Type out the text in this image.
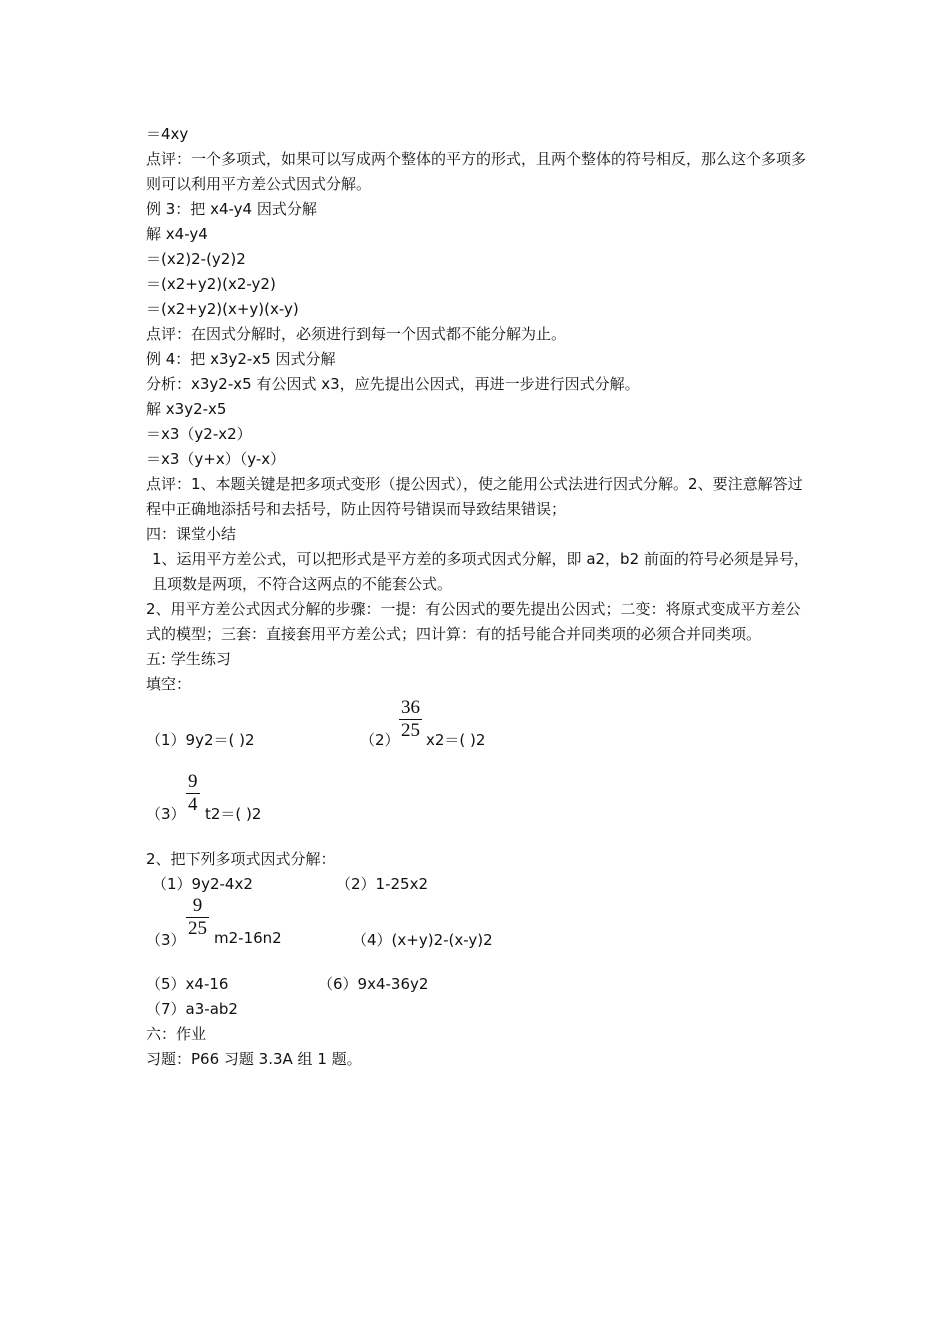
＝4xy
点评：一个多项式，如果可以写成两个整体的平方的形式，且两个整体的符号相反，那么这个多项多则可以利用平方差公式因式分解。
例 3：把 x4-y4 因式分解
解 x4-y4
＝(x2)2-(y2)2
＝(x2+y2)(x2-y2)
＝(x2+y2)(x+y)(x-y)
点评：在因式分解时，必须进行到每一个因式都不能分解为止。
例 4：把 x3y2-x5 因式分解
分析：x3y2-x5 有公因式 x3，应先提出公因式，再进一步进行因式分解。
解 x3y2-x5
＝x3（y2-x2）
＝x3（y+x）（y-x）
点评：1、本题关键是把多项式变形（提公因式），使之能用公式法进行因式分解。2、要注意解答过程中正确地添括号和去括号，防止因符号错误而导致结果错误；
四：课堂小结
1、运用平方差公式，可以把形式是平方差的多项式因式分解，即 a2，b2 前面的符号必须是异号，且项数是两项，不符合这两点的不能套公式。
2、用平方差公式因式分解的步骤：一提：有公因式的要先提出公因式；二变：将原式变成平方差公式的模型；三套：直接套用平方差公式；四计算：有的括号能合并同类项的必须合并同类项。
五: 学生练习
填空：
（1）9y2＝( )2	$(2) \frac{36}{25} x2=$( )2
$(3) \frac{9}{4} t2=$( )2
2、把下列多项式因式分解：
（1）9y2-4x2	（2）1-25x2
$(3) \frac{9}{25} m2-16n2$	（4）(x+y)2-(x-y)2
（5）x4-16	（6）9x4-36y2
（7）a3-ab2
六：作业
习题：P66 习题 3.3A 组 1 题。
